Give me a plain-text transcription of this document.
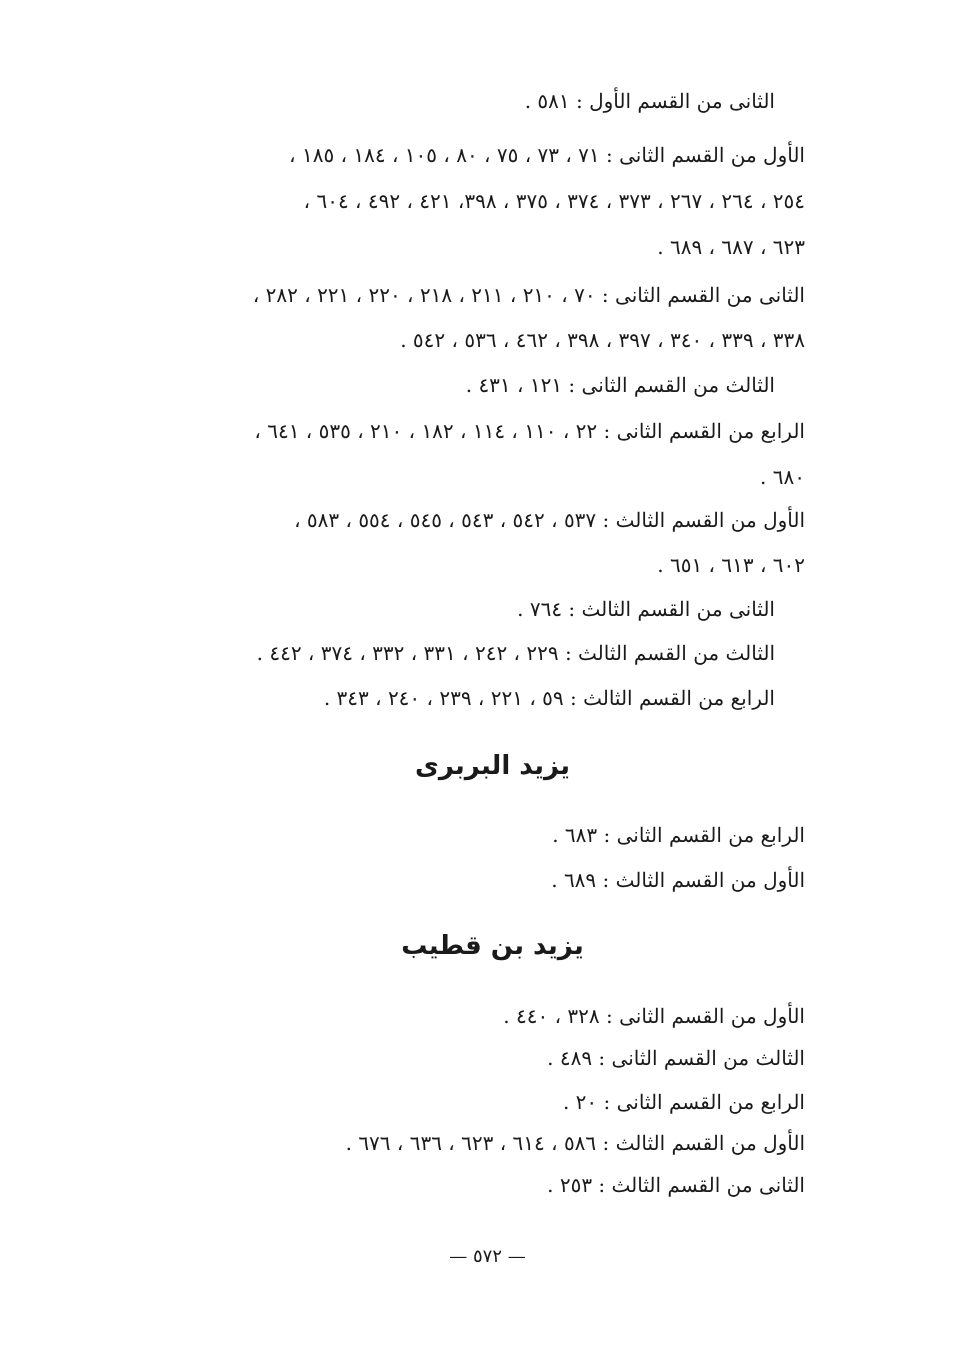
الثانى من القسم الأول : ٥٨١ .
الأول من القسم الثانى : ٧١ ، ٧٣ ، ٧٥ ، ٨٠ ، ١٠٥ ، ١٨٤ ، ١٨٥ ،
٢٥٤ ، ٢٦٤ ، ٢٦٧ ، ٣٧٣ ، ٣٧٤ ، ٣٧٥ ، ٣٩٨، ٤٢١ ، ٤٩٢ ، ٦٠٤ ،
٦٢٣ ، ٦٨٧ ، ٦٨٩ .
الثانى من القسم الثانى : ٧٠ ، ٢١٠ ، ٢١١ ، ٢١٨ ، ٢٢٠ ، ٢٢١ ، ٢٨٢ ،
٣٣٨ ، ٣٣٩ ، ٣٤٠ ، ٣٩٧ ، ٣٩٨ ، ٤٦٢ ، ٥٣٦ ، ٥٤٢ .
الثالث من القسم الثانى : ١٢١ ، ٤٣١ .
الرابع من القسم الثانى : ٢٢ ، ١١٠ ، ١١٤ ، ١٨٢ ، ٢١٠ ، ٥٣٥ ، ٦٤١ ،
٦٨٠ .
الأول من القسم الثالث : ٥٣٧ ، ٥٤٢ ، ٥٤٣ ، ٥٤٥ ، ٥٥٤ ، ٥٨٣ ،
٦٠٢ ، ٦١٣ ، ٦٥١ .
الثانى من القسم الثالث : ٧٦٤ .
الثالث من القسم الثالث : ٢٢٩ ، ٢٤٢ ، ٣٣١ ، ٣٣٢ ، ٣٧٤ ، ٤٤٢ .
الرابع من القسم الثالث : ٥٩ ، ٢٢١ ، ٢٣٩ ، ٢٤٠ ، ٣٤٣ .
يزيد البربرى
الرابع من القسم الثانى : ٦٨٣ .
الأول من القسم الثالث : ٦٨٩ .
يزيد بن قطيب
الأول من القسم الثانى : ٣٢٨ ، ٤٤٠ .
الثالث من القسم الثانى : ٤٨٩ .
الرابع من القسم الثانى : ٢٠ .
الأول من القسم الثالث : ٥٨٦ ، ٦١٤ ، ٦٢٣ ، ٦٣٦ ، ٦٧٦ .
الثانى من القسم الثالث : ٢٥٣ .
— ٥٧٢ —
